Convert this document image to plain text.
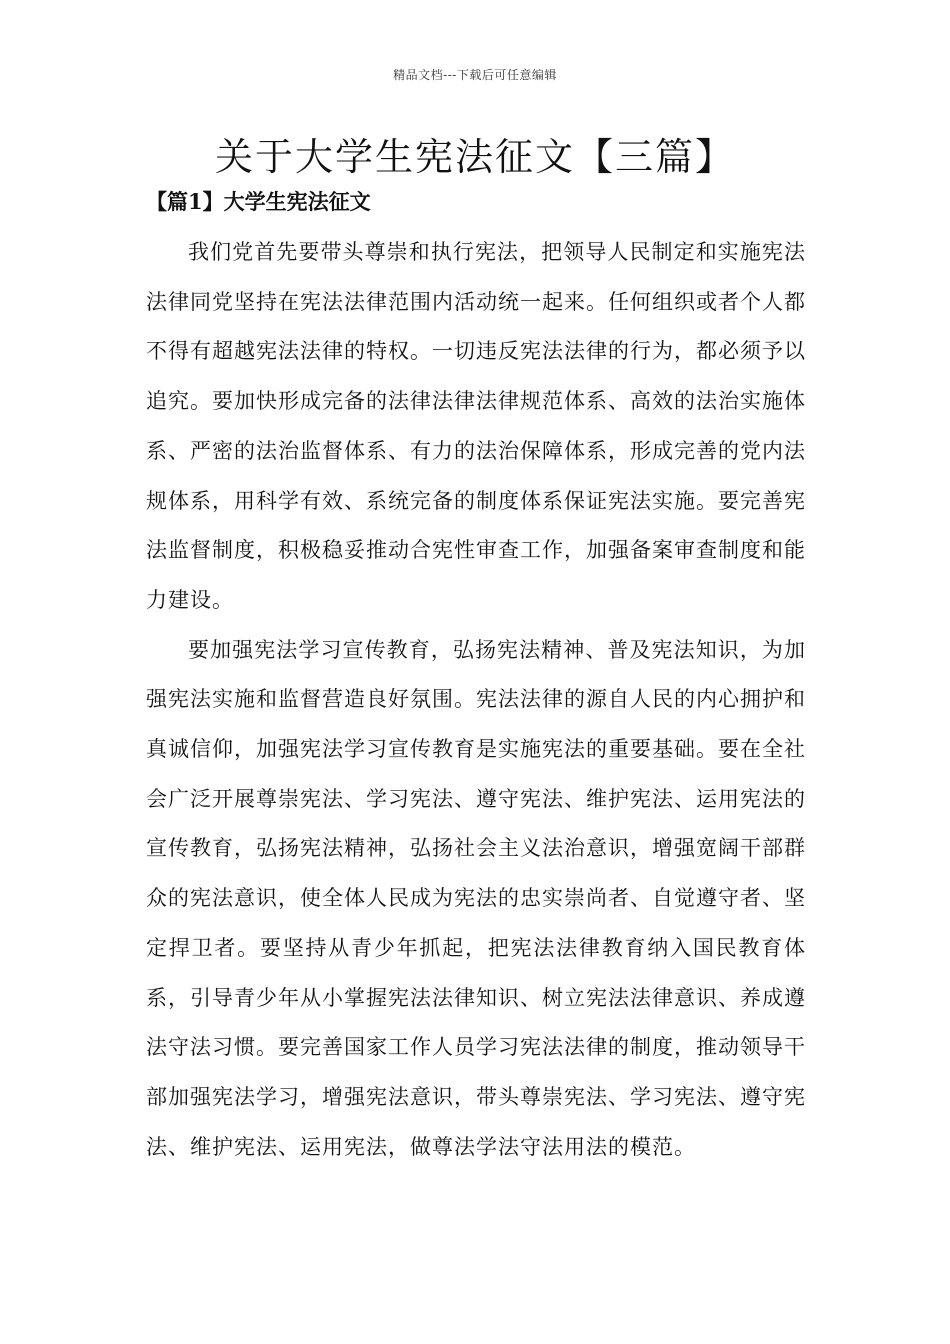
精品文档---下载后可任意编辑
关于大学生宪法征文【三篇】
【篇1】大学生宪法征文

我们党首先要带头尊崇和执行宪法，把领导人民制定和实施宪法法律同党坚持在宪法法律范围内活动统一起来。任何组织或者个人都不得有超越宪法法律的特权。一切违反宪法法律的行为，都必须予以追究。要加快形成完备的法律法律法律规范体系、高效的法治实施体系、严密的法治监督体系、有力的法治保障体系，形成完善的党内法规体系，用科学有效、系统完备的制度体系保证宪法实施。要完善宪法监督制度，积极稳妥推动合宪性审查工作，加强备案审查制度和能力建设。

要加强宪法学习宣传教育，弘扬宪法精神、普及宪法知识，为加强宪法实施和监督营造良好氛围。宪法法律的源自人民的内心拥护和真诚信仰，加强宪法学习宣传教育是实施宪法的重要基础。要在全社会广泛开展尊崇宪法、学习宪法、遵守宪法、维护宪法、运用宪法的宣传教育，弘扬宪法精神，弘扬社会主义法治意识，增强宽阔干部群众的宪法意识，使全体人民成为宪法的忠实崇尚者、自觉遵守者、坚定捍卫者。要坚持从青少年抓起，把宪法法律教育纳入国民教育体系，引导青少年从小掌握宪法法律知识、树立宪法法律意识、养成遵法守法习惯。要完善国家工作人员学习宪法法律的制度，推动领导干部加强宪法学习，增强宪法意识，带头尊崇宪法、学习宪法、遵守宪法、维护宪法、运用宪法，做尊法学法守法用法的模范。
